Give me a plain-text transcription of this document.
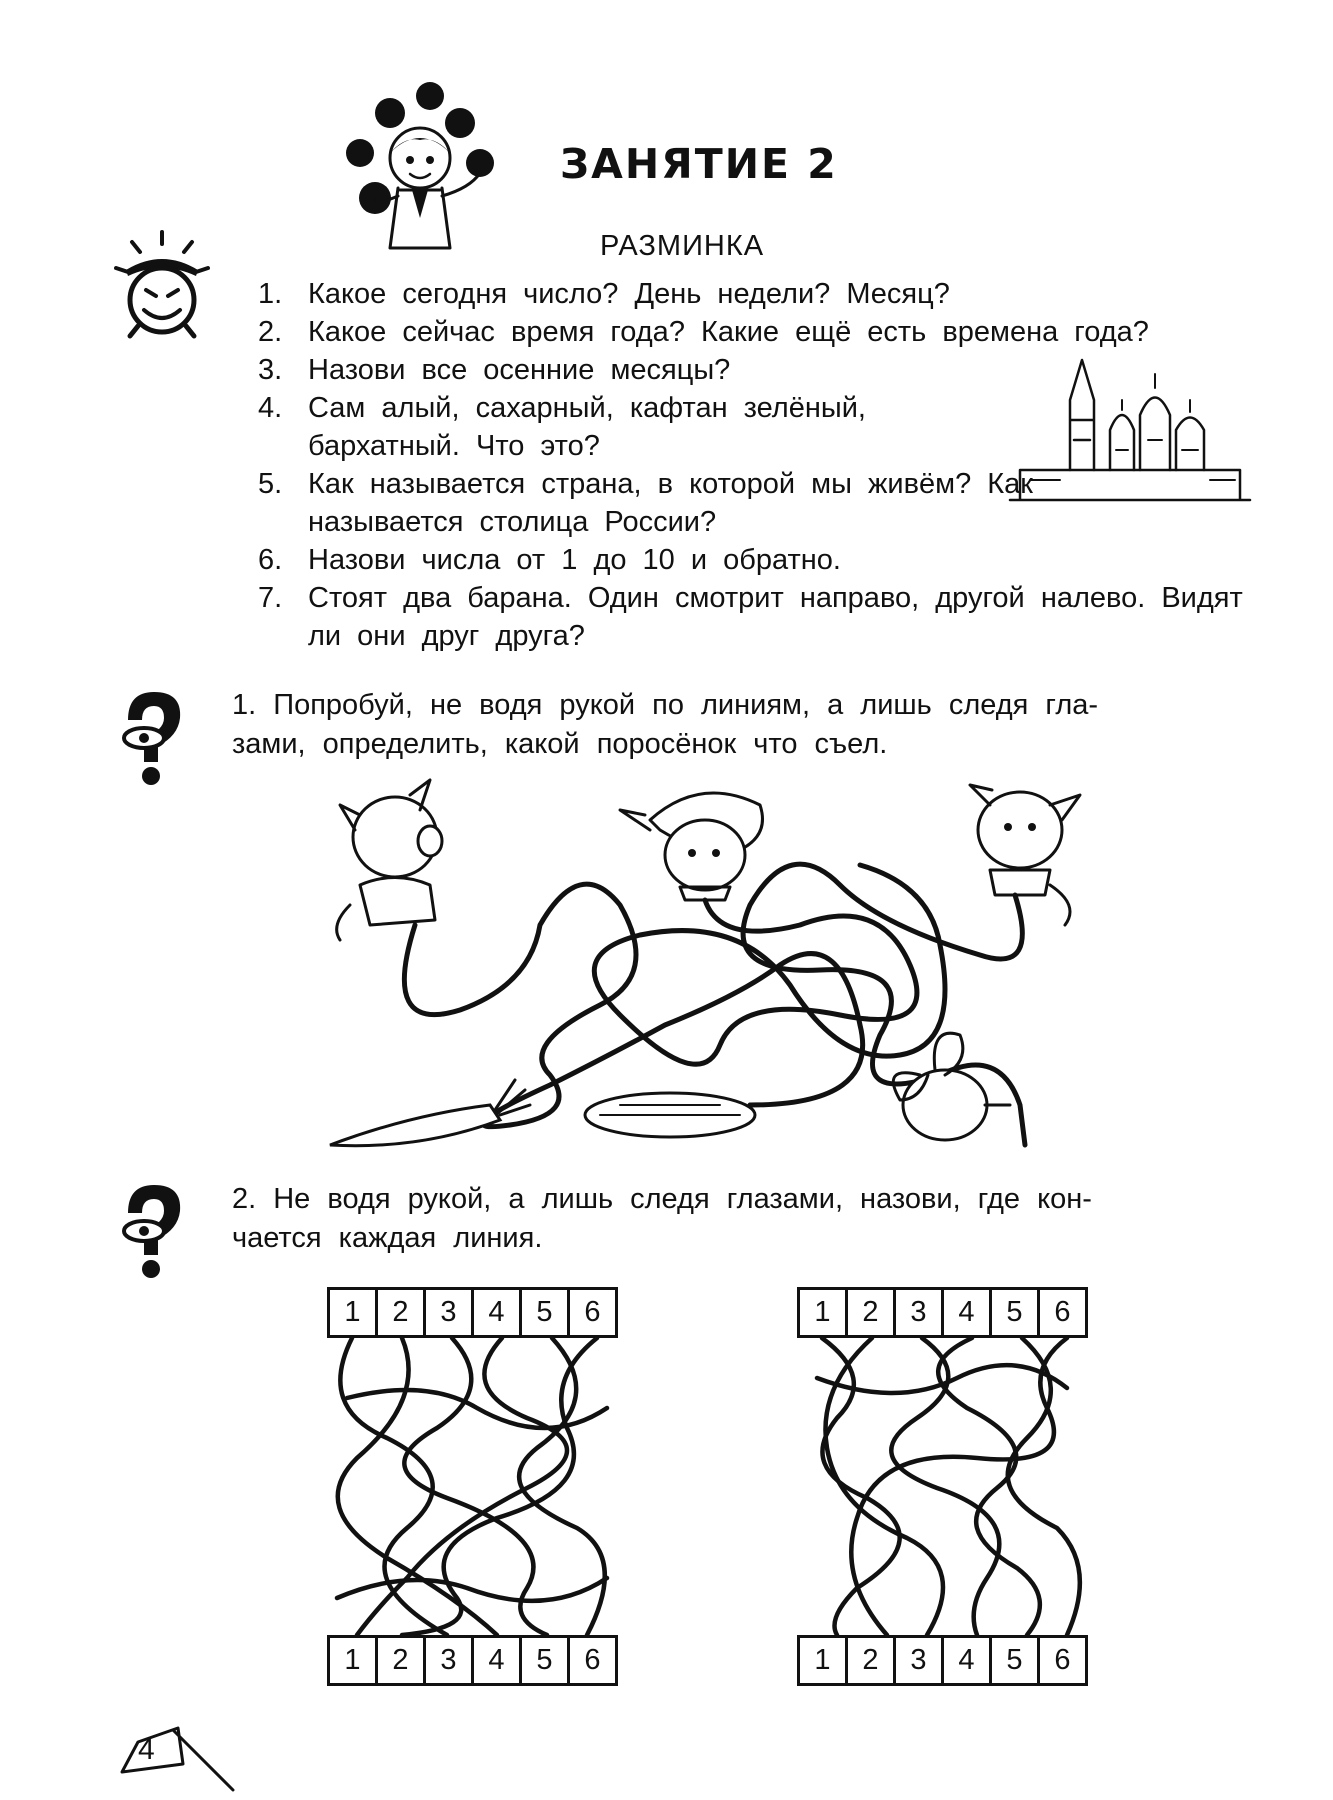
ЗАНЯТИЕ 2
РАЗМИНКА
1. Какое сегодня число? День недели? Месяц?
2. Какое сейчас время года? Какие ещё есть времена года?
3. Назови все осенние месяцы?
4. Сам алый, сахарный, кафтан зелёный, бархатный. Что это?
5. Как называется страна, в которой мы живём? Как называется столица России?
6. Назови числа от 1 до 10 и обратно.
7. Стоят два барана. Один смотрит направо, другой налево. Видят ли они друг друга?
1. Попробуй, не водя рукой по линиям, а лишь следя гла-
зами, определить, какой поросёнок что съел.
2. Не водя рукой, а лишь следя глазами, назови, где кон-
чается каждая линия.
1	2	3	4	5	6
1	2	3	4	5	6
1	2	3	4	5	6
1	2	3	4	5	6
4
